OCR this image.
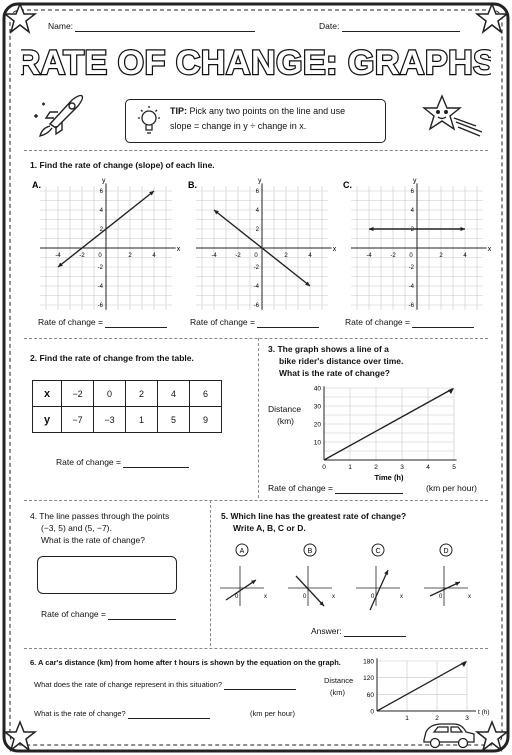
Name:	Date:
RATE OF CHANGE: GRAPHS
TIP: Pick any two points on the line and use
slope = change in y ÷ change in x.
1. Find the rate of change (slope) of each line.
A.
x
y
-4	-2 0	2	4
6
4
2
-2
-4
-6
B.
x
y
-4	-2 0	2	4
6
4
2
-2
-4
-6
C.
x
y
-4	-2 0	2	4
6
4
2
-2
-4
-6
Rate of change =	Rate of change =	Rate of change =
2. Find the rate of change from the table.
x	−2	0	2	4	6
y	−7	−3	1	5	9
Rate of change =
3. The graph shows a line of a
bike rider's distance over time.
What is the rate of change?
Distance
(km)
0	1	2	3	4	5
40
30
20
10
Time (h)
Rate of change =	(km per hour)
4. The line passes through the points
(−3, 5) and (5, −7).
What is the rate of change?
Rate of change =
5. Which line has the greatest rate of change?
Write A, B, C or D.
A
0	x
B
0	x
C
0	x
D
0	x
Answer:
6. A car's distance (km) from home after t hours is shown by the equation on the graph.
What does the rate of change represent in this situation?
What is the rate of change?	(km per hour)
Distance
(km)
180
120
60
0
1	2	3
t (h)
